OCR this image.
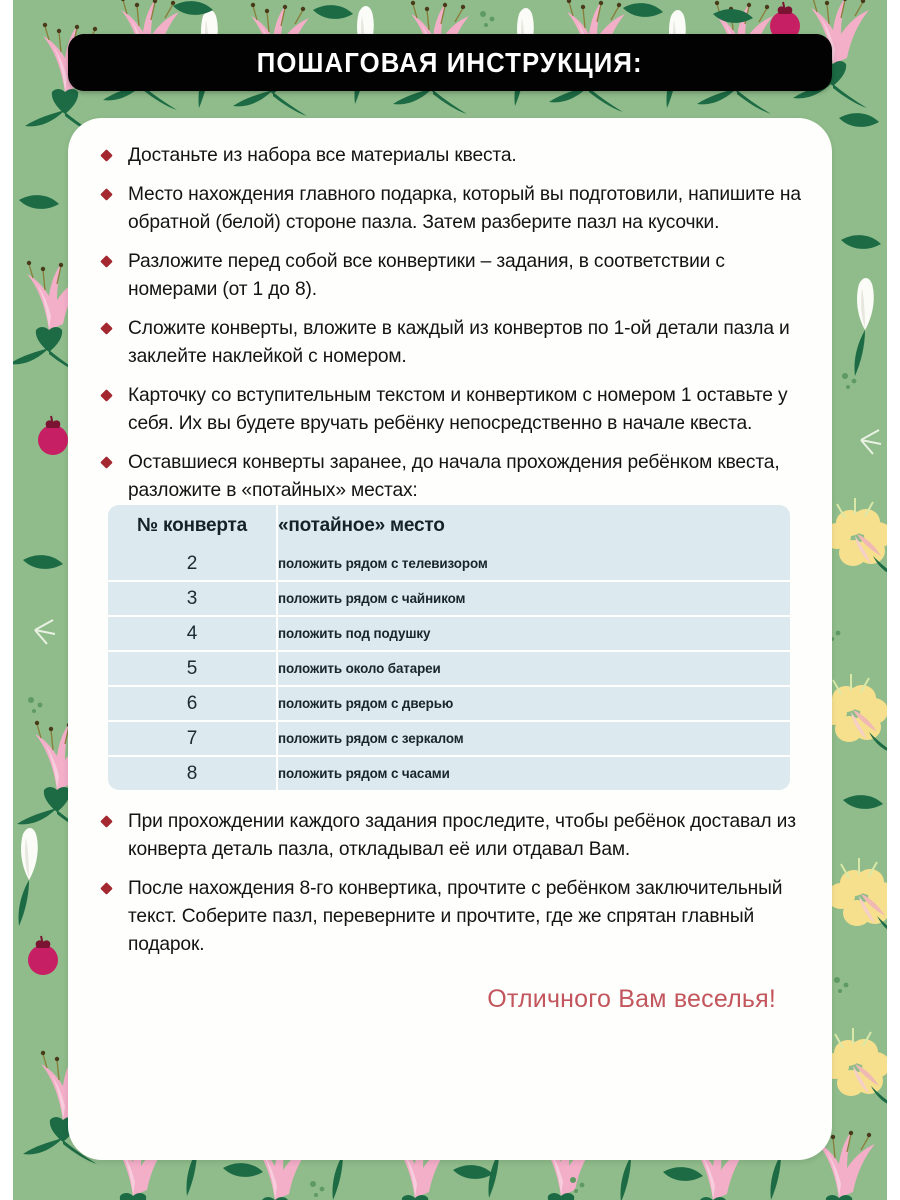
ПОШАГОВАЯ ИНСТРУКЦИЯ:
Достаньте из набора все материалы квеста.
Место нахождения главного подарка, который вы подготовили, напишите на обратной (белой) стороне пазла. Затем разберите пазл на кусочки.
Разложите перед собой все конвертики – задания, в соответствии с номерами (от 1 до 8).
Сложите конверты, вложите в каждый из конвертов по 1-ой детали пазла и заклейте наклейкой с номером.
Карточку со вступительным текстом и конвертиком с номером 1 оставьте у себя. Их вы будете вручать ребёнку непосредственно в начале квеста.
Оставшиеся конверты заранее, до начала прохождения ребёнком квеста, разложите в «потайных» местах:
№ конверта	«потайное» место
2	положить рядом с телевизором
3	положить рядом с чайником
4	положить под подушку
5	положить около батареи
6	положить рядом с дверью
7	положить рядом с зеркалом
8	положить рядом с часами
При прохождении каждого задания проследите, чтобы ребёнок доставал из конверта деталь пазла, откладывал её или отдавал Вам.
После нахождения 8-го конвертика, прочтите с ребёнком заключительный текст. Соберите пазл, переверните и прочтите, где же спрятан главный подарок.
Отличного Вам веселья!
